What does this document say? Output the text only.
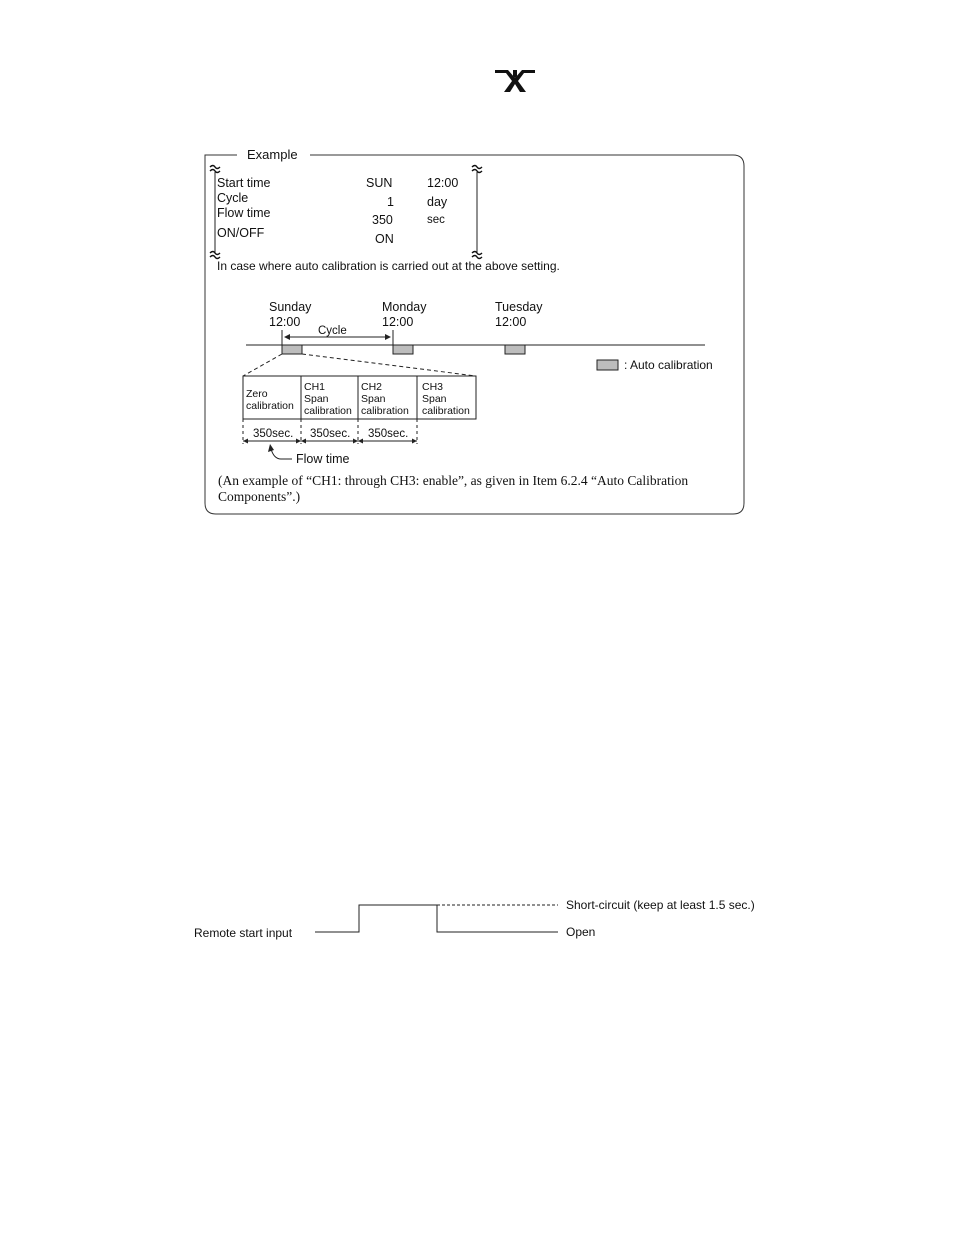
Example
Start time
Cycle
Flow time
ON/OFF
SUN
1
350
ON
12:00
day
sec
In case where auto calibration is carried out at the above setting.
Sunday
12:00
Monday
12:00
Tuesday
12:00
Cycle
: Auto calibration
Zero
calibration
CH1
Span
calibration
CH2
Span
calibration
CH3
Span
calibration
350sec. 350sec. 350sec.
Flow time
(An example of “CH1: through CH3: enable”, as given in Item 6.2.4 “Auto Calibration
Components”.)
Remote start input
Short-circuit (keep at least 1.5 sec.)
Open
